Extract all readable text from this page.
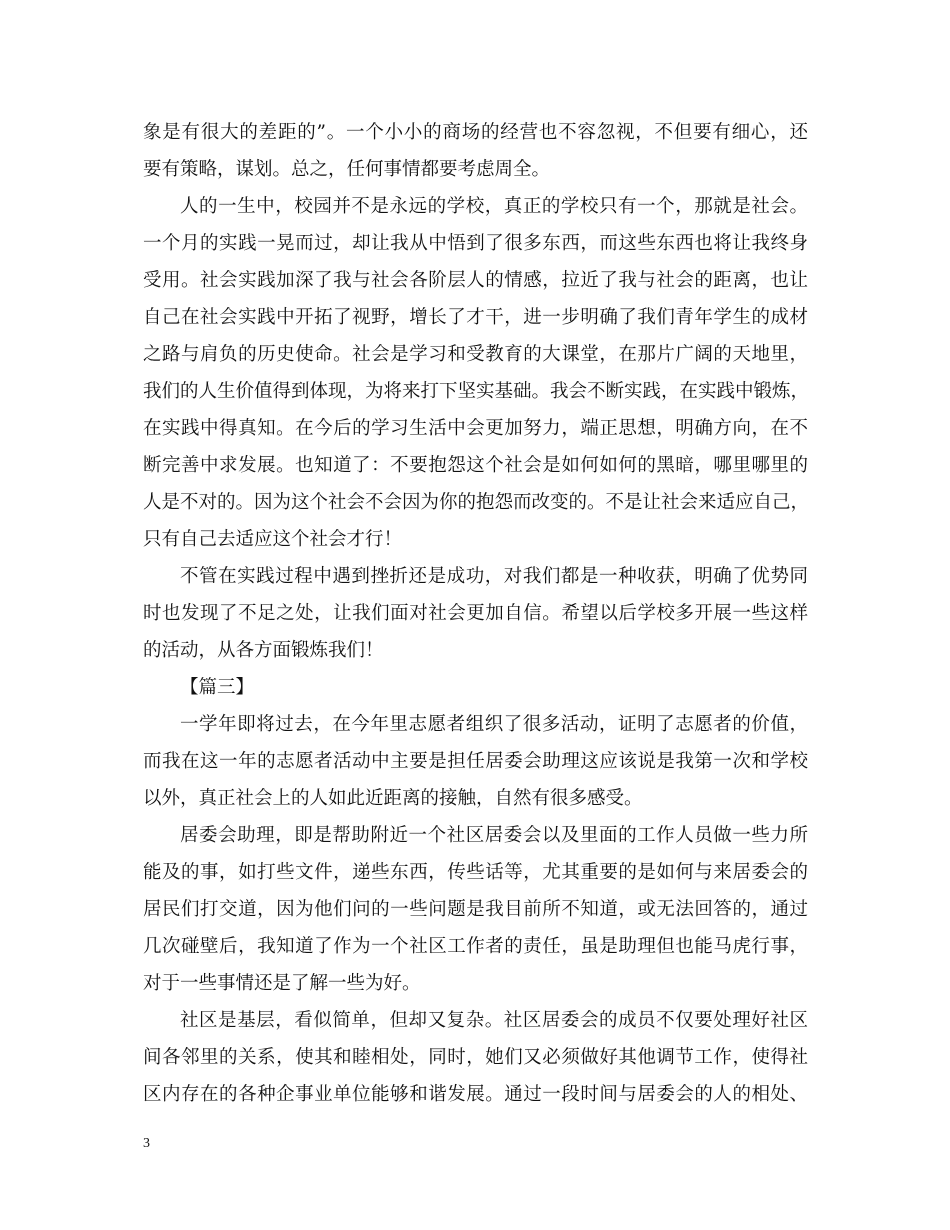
象是有很大的差距的”。一个小小的商场的经营也不容忽视，不但要有细心，还
要有策略，谋划。总之，任何事情都要考虑周全。
人的一生中，校园并不是永远的学校，真正的学校只有一个，那就是社会。
一个月的实践一晃而过，却让我从中悟到了很多东西，而这些东西也将让我终身
受用。社会实践加深了我与社会各阶层人的情感，拉近了我与社会的距离，也让
自己在社会实践中开拓了视野，增长了才干，进一步明确了我们青年学生的成材
之路与肩负的历史使命。社会是学习和受教育的大课堂，在那片广阔的天地里，
我们的人生价值得到体现，为将来打下坚实基础。我会不断实践，在实践中锻炼，
在实践中得真知。在今后的学习生活中会更加努力，端正思想，明确方向，在不
断完善中求发展。也知道了：不要抱怨这个社会是如何如何的黑暗，哪里哪里的
人是不对的。因为这个社会不会因为你的抱怨而改变的。不是让社会来适应自己，
只有自己去适应这个社会才行！
不管在实践过程中遇到挫折还是成功，对我们都是一种收获，明确了优势同
时也发现了不足之处，让我们面对社会更加自信。希望以后学校多开展一些这样
的活动，从各方面锻炼我们！
【篇三】
一学年即将过去，在今年里志愿者组织了很多活动，证明了志愿者的价值，
而我在这一年的志愿者活动中主要是担任居委会助理这应该说是我第一次和学校
以外，真正社会上的人如此近距离的接触，自然有很多感受。
居委会助理，即是帮助附近一个社区居委会以及里面的工作人员做一些力所
能及的事，如打些文件，递些东西，传些话等，尤其重要的是如何与来居委会的
居民们打交道，因为他们问的一些问题是我目前所不知道，或无法回答的，通过
几次碰壁后，我知道了作为一个社区工作者的责任，虽是助理但也能马虎行事，
对于一些事情还是了解一些为好。
社区是基层，看似简单，但却又复杂。社区居委会的成员不仅要处理好社区
间各邻里的关系，使其和睦相处，同时，她们又必须做好其他调节工作，使得社
区内存在的各种企事业单位能够和谐发展。通过一段时间与居委会的人的相处、
3
